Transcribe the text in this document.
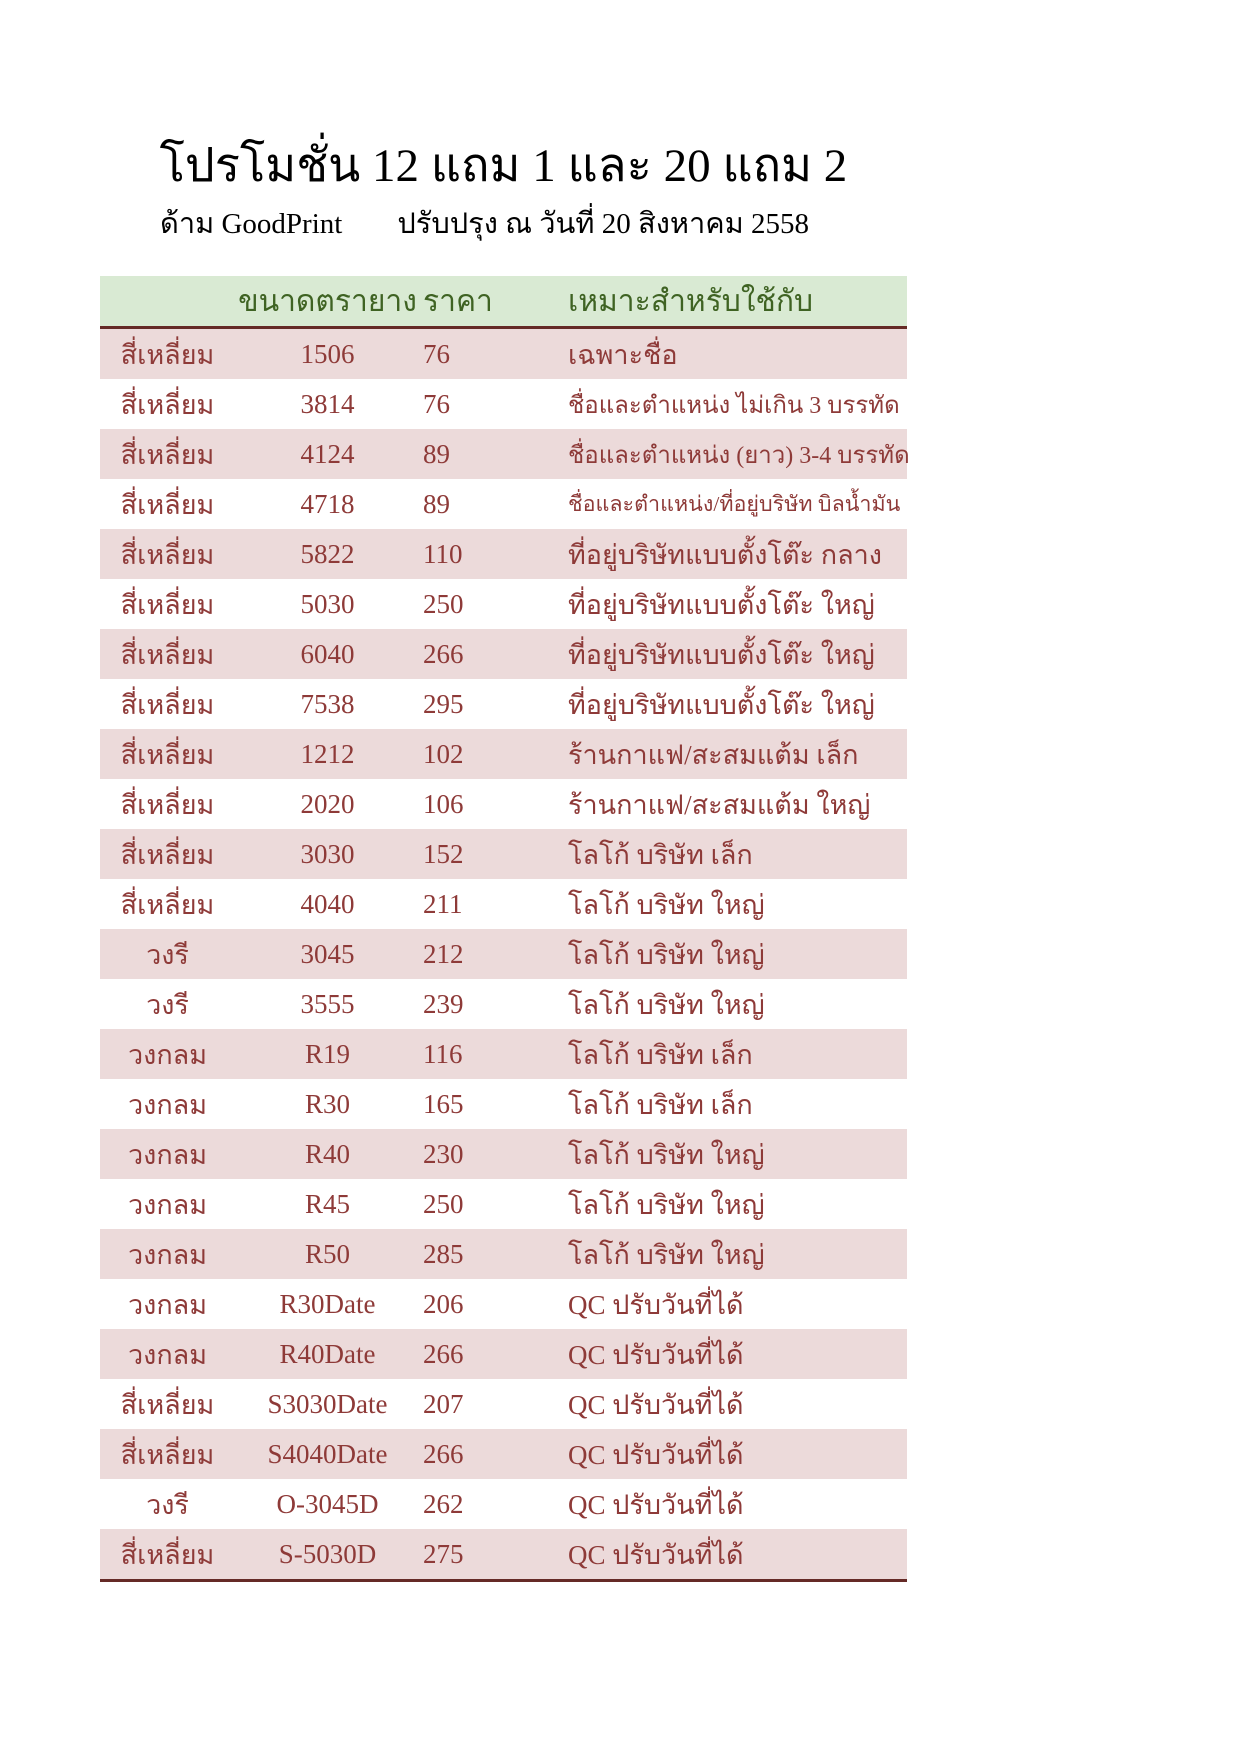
โปรโมชั่น 12 แถม 1 และ 20 แถม 2
ด้าม GoodPrint ปรับปรุง ณ วันที่ 20 สิงหาคม 2558
	ขนาดตรายาง	ราคา	เหมาะสำหรับใช้กับ
สี่เหลี่ยม	1506	76	เฉพาะชื่อ
สี่เหลี่ยม	3814	76	ชื่อและตำแหน่ง ไม่เกิน 3 บรรทัด
สี่เหลี่ยม	4124	89	ชื่อและตำแหน่ง (ยาว) 3-4 บรรทัด
สี่เหลี่ยม	4718	89	ชื่อและตำแหน่ง/ที่อยู่บริษัท บิลน้ำมัน
สี่เหลี่ยม	5822	110	ที่อยู่บริษัทแบบตั้งโต๊ะ กลาง
สี่เหลี่ยม	5030	250	ที่อยู่บริษัทแบบตั้งโต๊ะ ใหญ่
สี่เหลี่ยม	6040	266	ที่อยู่บริษัทแบบตั้งโต๊ะ ใหญ่
สี่เหลี่ยม	7538	295	ที่อยู่บริษัทแบบตั้งโต๊ะ ใหญ่
สี่เหลี่ยม	1212	102	ร้านกาแฟ/สะสมแต้ม เล็ก
สี่เหลี่ยม	2020	106	ร้านกาแฟ/สะสมแต้ม ใหญ่
สี่เหลี่ยม	3030	152	โลโก้ บริษัท เล็ก
สี่เหลี่ยม	4040	211	โลโก้ บริษัท ใหญ่
วงรี	3045	212	โลโก้ บริษัท ใหญ่
วงรี	3555	239	โลโก้ บริษัท ใหญ่
วงกลม	R19	116	โลโก้ บริษัท เล็ก
วงกลม	R30	165	โลโก้ บริษัท เล็ก
วงกลม	R40	230	โลโก้ บริษัท ใหญ่
วงกลม	R45	250	โลโก้ บริษัท ใหญ่
วงกลม	R50	285	โลโก้ บริษัท ใหญ่
วงกลม	R30Date	206	QC ปรับวันที่ได้
วงกลม	R40Date	266	QC ปรับวันที่ได้
สี่เหลี่ยม	S3030Date	207	QC ปรับวันที่ได้
สี่เหลี่ยม	S4040Date	266	QC ปรับวันที่ได้
วงรี	O-3045D	262	QC ปรับวันที่ได้
สี่เหลี่ยม	S-5030D	275	QC ปรับวันที่ได้
